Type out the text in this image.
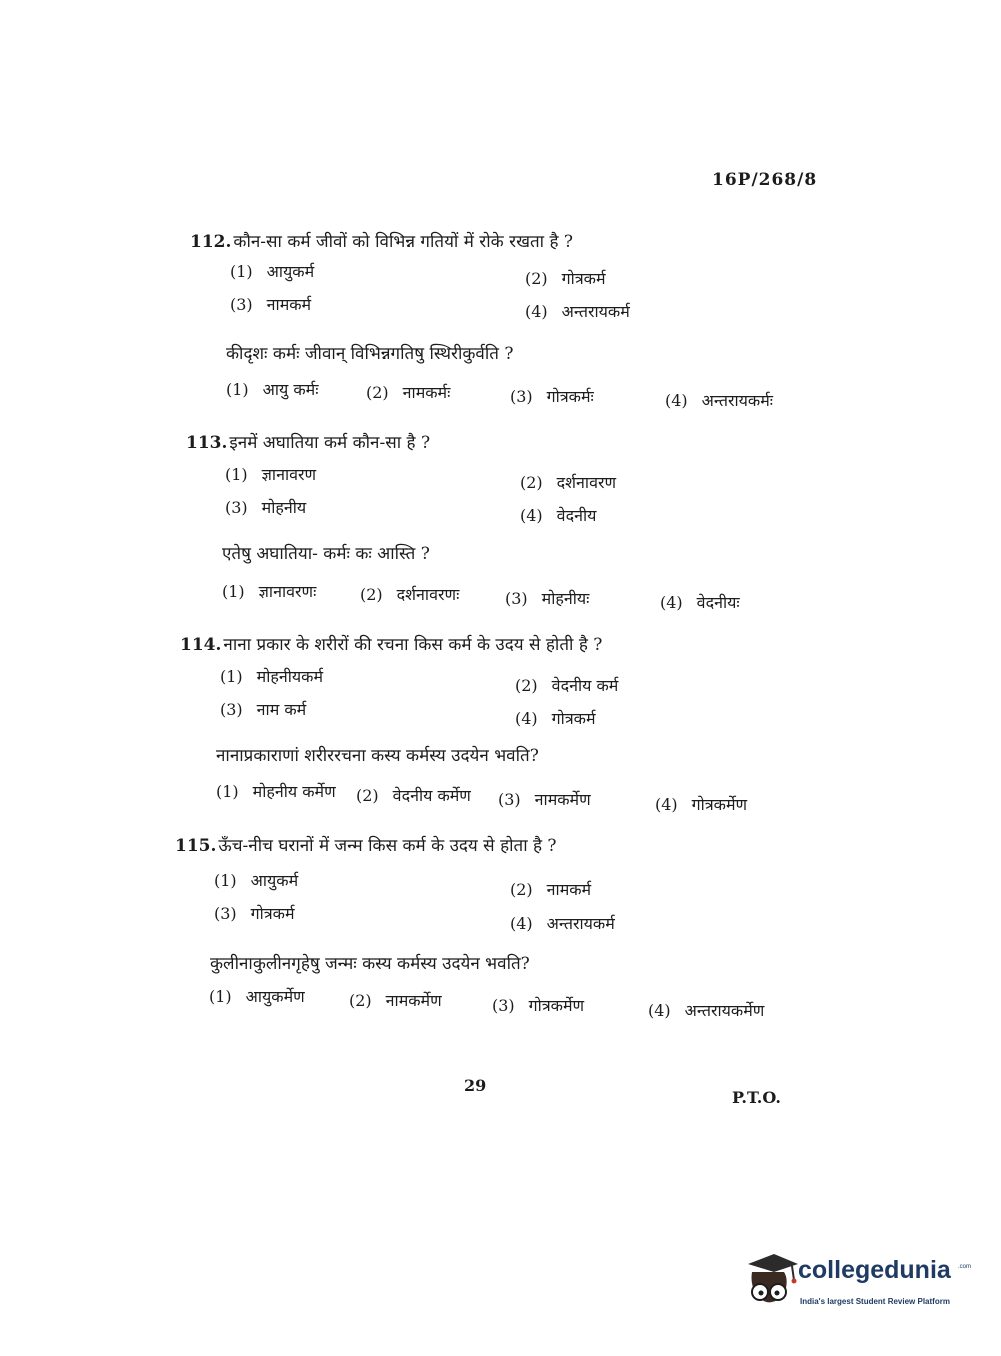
16P/268/8
112. कौन-सा कर्म जीवों को विभिन्न गतियों में रोके रखता है ?
(1) आयुकर्म	(2) गोत्रकर्म
(3) नामकर्म	(4) अन्तरायकर्म
कीदृशः कर्मः जीवान् विभिन्नगतिषु स्थिरीकुर्वति ?
(1) आयु कर्मः	(2) नामकर्मः	(3) गोत्रकर्मः	(4) अन्तरायकर्मः
113. इनमें अघातिया कर्म कौन-सा है ?
(1) ज्ञानावरण	(2) दर्शनावरण
(3) मोहनीय	(4) वेदनीय
एतेषु अघातिया- कर्मः कः आस्ति ?
(1) ज्ञानावरणः	(2) दर्शनावरणः	(3) मोहनीयः	(4) वेदनीयः
114. नाना प्रकार के शरीरों की रचना किस कर्म के उदय से होती है ?
(1) मोहनीयकर्म	(2) वेदनीय कर्म
(3) नाम कर्म	(4) गोत्रकर्म
नानाप्रकाराणां शरीररचना कस्य कर्मस्य उदयेन भवति?
(1) मोहनीय कर्मेण (2) वेदनीय कर्मेण (3) नामकर्मेण	(4) गोत्रकर्मेण
115. ऊँच-नीच घरानों में जन्म किस कर्म के उदय से होता है ?
(1) आयुकर्म	(2) नामकर्म
(3) गोत्रकर्म
(4) अन्तरायकर्म
कुलीनाकुलीनगृहेषु जन्मः कस्य कर्मस्य उदयेन भवति?
(1) आयुकर्मेण	(2) नामकर्मेण	(3) गोत्रकर्मेण	(4) अन्तरायकर्मेण
29
P.T.O.
collegedunia .com
India's largest Student Review Platform
